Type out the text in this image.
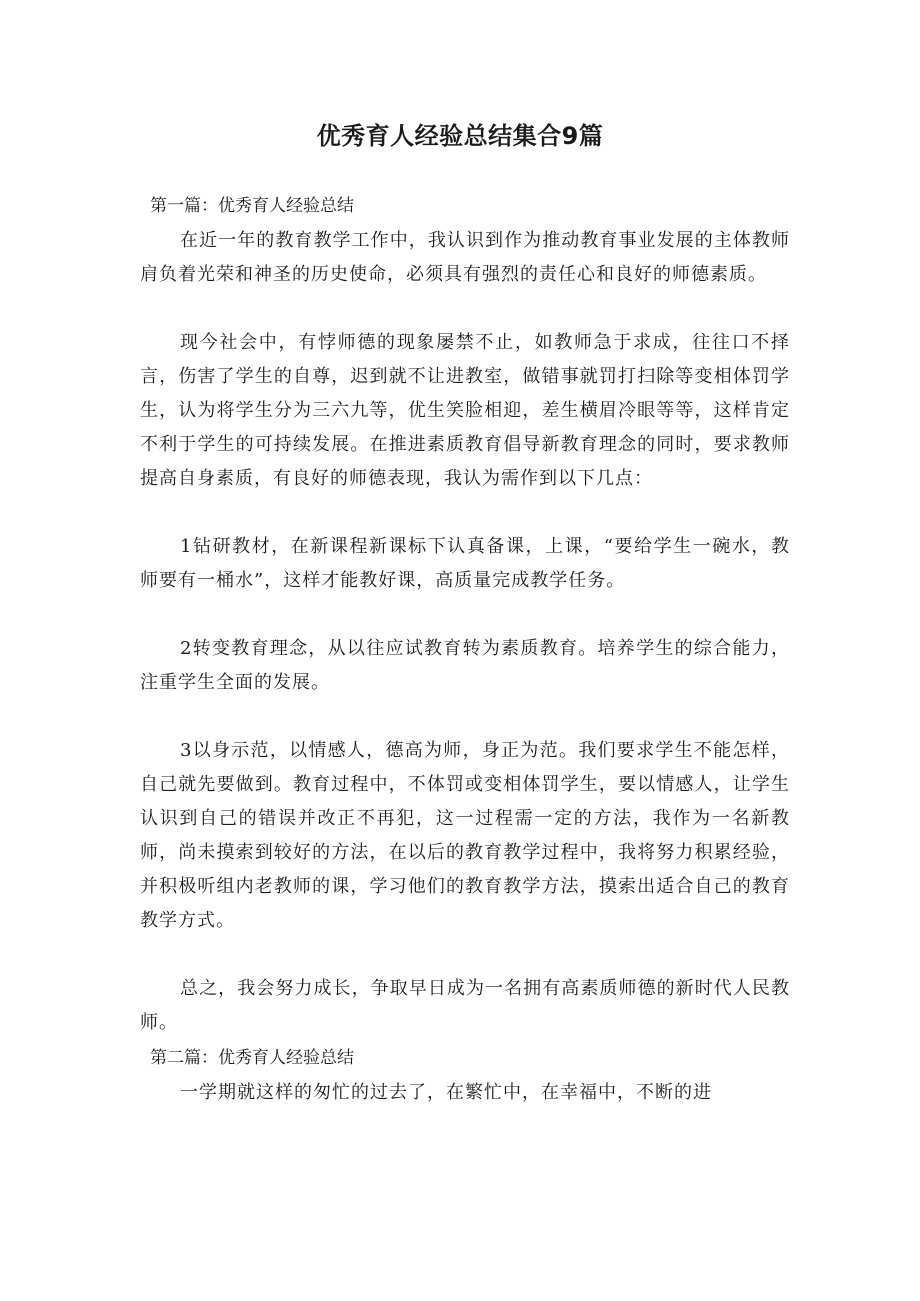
优秀育人经验总结集合9篇
第一篇：优秀育人经验总结

在近一年的教育教学工作中，我认识到作为推动教育事业发展的主体教师肩负着光荣和神圣的历史使命，必须具有强烈的责任心和良好的师德素质。

现今社会中，有悖师德的现象屡禁不止，如教师急于求成，往往口不择言，伤害了学生的自尊，迟到就不让进教室，做错事就罚打扫除等变相体罚学生，认为将学生分为三六九等，优生笑脸相迎，差生横眉冷眼等等，这样肯定不利于学生的可持续发展。在推进素质教育倡导新教育理念的同时，要求教师提高自身素质，有良好的师德表现，我认为需作到以下几点：

1钻研教材，在新课程新课标下认真备课，上课，“要给学生一碗水，教师要有一桶水”，这样才能教好课，高质量完成教学任务。

2转变教育理念，从以往应试教育转为素质教育。培养学生的综合能力，注重学生全面的发展。

3以身示范，以情感人，德高为师，身正为范。我们要求学生不能怎样，自己就先要做到。教育过程中，不体罚或变相体罚学生，要以情感人，让学生认识到自己的错误并改正不再犯，这一过程需一定的方法，我作为一名新教师，尚未摸索到较好的方法，在以后的教育教学过程中，我将努力积累经验，并积极听组内老教师的课，学习他们的教育教学方法，摸索出适合自己的教育教学方式。

总之，我会努力成长，争取早日成为一名拥有高素质师德的新时代人民教师。

第二篇：优秀育人经验总结

一学期就这样的匆忙的过去了，在繁忙中，在幸福中，不断的进
